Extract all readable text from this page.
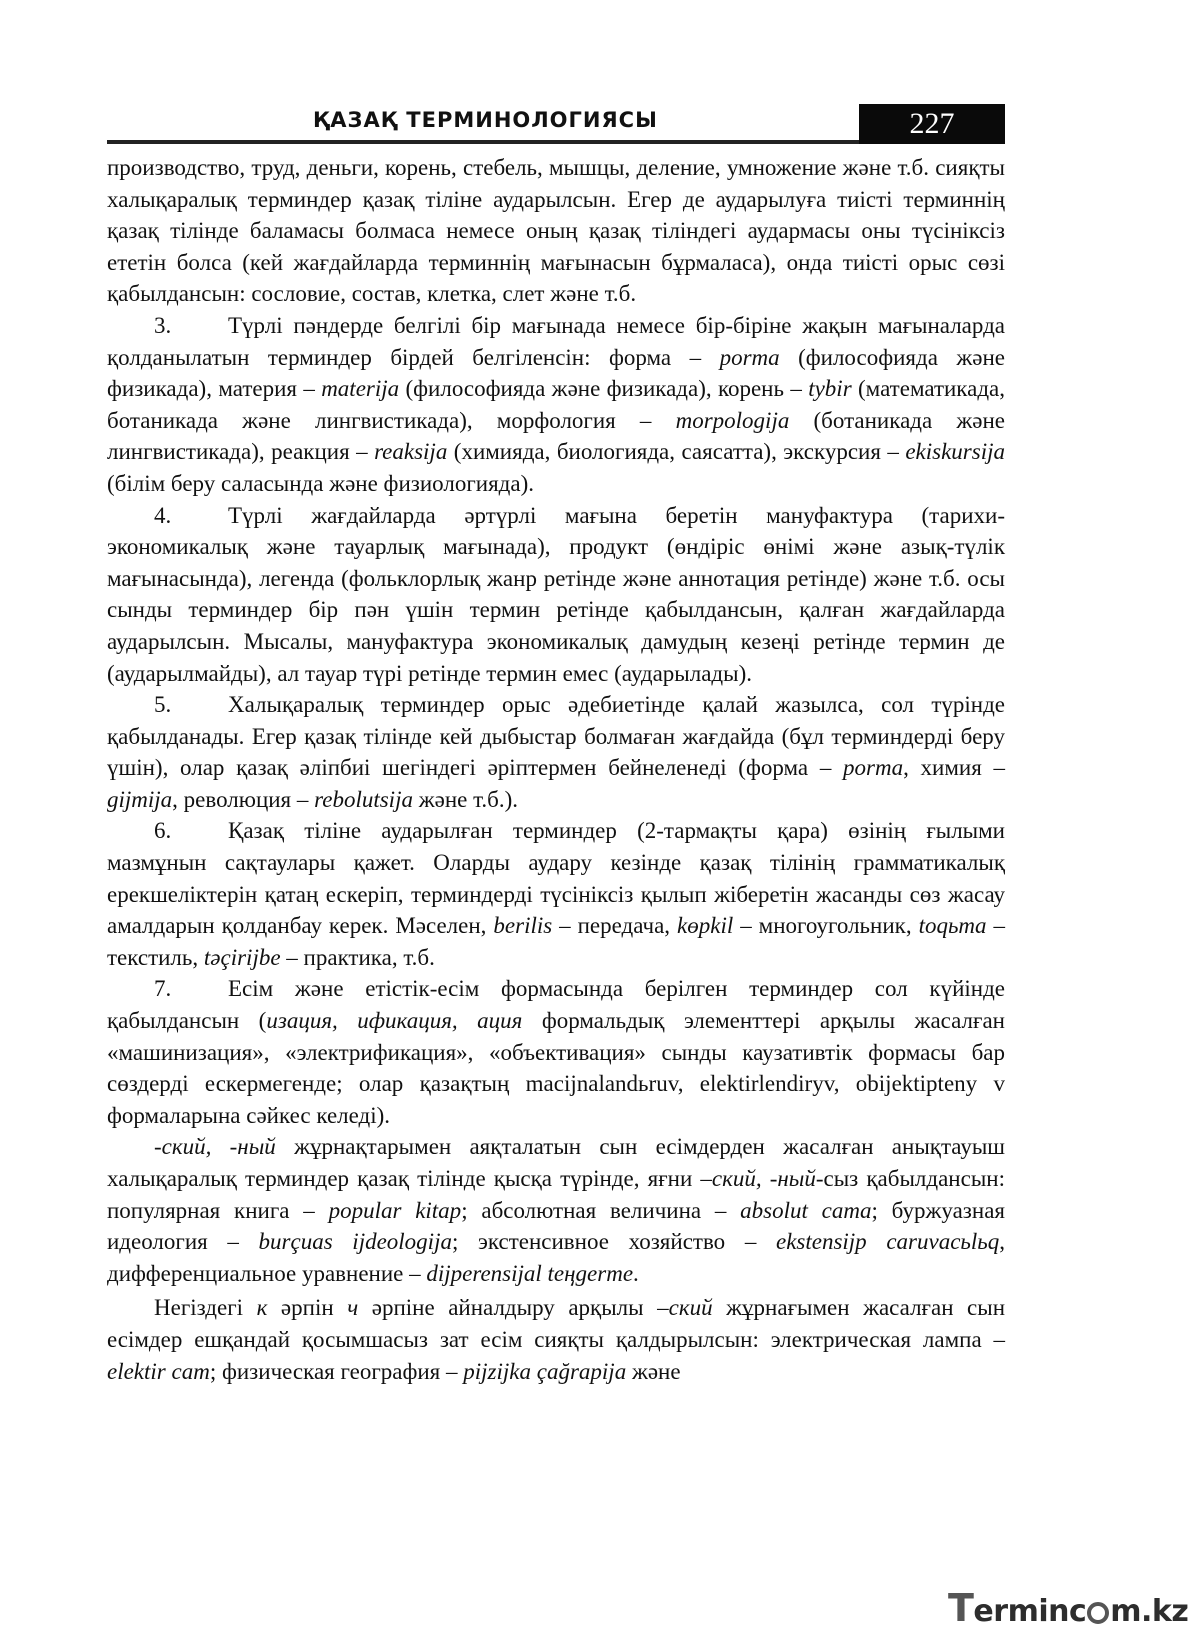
ҚАЗАҚ ТЕРМИНОЛОГИЯСЫ	227

производство, труд, деньги, корень, стебель, мышцы, деление, умножение және т.б. сияқты халықаралық терминдер қазақ тіліне аударылсын. Егер де аударылуға тиісті терминнің қазақ тілінде баламасы болмаса немесе оның қазақ тіліндегі аудармасы оны түсініксіз ететін болса (кей жағдайларда терминнің мағынасын бұрмаласа), онда тиісті орыс сөзі қабылдансын: сословие, состав, клетка, слет және т.б.

3. Түрлі пәндерде белгілі бір мағынада немесе бір-біріне жақын мағыналарда қолданылатын терминдер бірдей белгіленсін: форма – porma (философияда және физикада), материя – materija (философияда және физикада), корень – tybir (математикада, ботаникада және лингвистикада), морфология – morpologija (ботаникада және лингвистикада), реакция – reaksija (химияда, биологияда, саясатта), экскурсия – ekiskursija (білім беру саласында және физиологияда).

4. Түрлі жағдайларда әртүрлі мағына беретін мануфактура (тарихи-экономикалық және тауарлық мағынада), продукт (өндіріс өнімі және азық-түлік мағынасында), легенда (фольклорлық жанр ретінде және аннотация ретінде) және т.б. осы сынды терминдер бір пән үшін термин ретінде қабылдансын, қалған жағдайларда аударылсын. Мысалы, мануфактура экономикалық дамудың кезеңі ретінде термин де (аударылмайды), ал тауар түрі ретінде термин емес (аударылады).

5. Халықаралық терминдер орыс әдебиетінде қалай жазылса, сол түрінде қабылданады. Егер қазақ тілінде кей дыбыстар болмаған жағдайда (бұл терминдерді беру үшін), олар қазақ әліпбиі шегіндегі әріптермен бейнеленеді (форма – porma, химия – gijmija, революция – rebolutsija және т.б.).

6. Қазақ тіліне аударылған терминдер (2-тармақты қара) өзінің ғылыми мазмұнын сақтаулары қажет. Оларды аудару кезінде қазақ тілінің грамматикалық ерекшеліктерін қатаң ескеріп, терминдерді түсініксіз қылып жіберетін жасанды сөз жасау амалдарын қолданбау керек. Мәселен, berilis – передача, kөpkil – многоугольник, toqьma – текстиль, təçirijbe – практика, т.б.

7. Есім және етістік-есім формасында берілген терминдер сол күйінде қабылдансын (изация, ификация, ация формальдық элементтері арқылы жасалған «машинизация», «электрификация», «объективация» сынды каузативтік формасы бар сөздерді ескермегенде; олар қазақтың macijnalandьruv, elektirlendiryv, obijektipteny v формаларына сәйкес келеді).

-ский, -ный жұрнақтарымен аяқталатын сын есімдерден жасалған анықтауыш халықаралық терминдер қазақ тілінде қысқа түрінде, яғни –ский, -ный-сыз қабылдансын: популярная книга – popular kitap; абсолютная величина – absolut cama; буржуазная идеология – burçuas ijdeologija; экстенсивное хозяйство – ekstensijp caruvacьlьq, дифференциальное уравнение – dijperensijal teңgerme.

Негіздегі к әрпін ч әрпіне айналдыру арқылы –ский жұрнағымен жасалған сын есімдер ешқандай қосымшасыз зат есім сияқты қалдырылсын: электрическая лампа – elektir cam; физическая география – pijzijka çağrapija және

Terminc m.kz
